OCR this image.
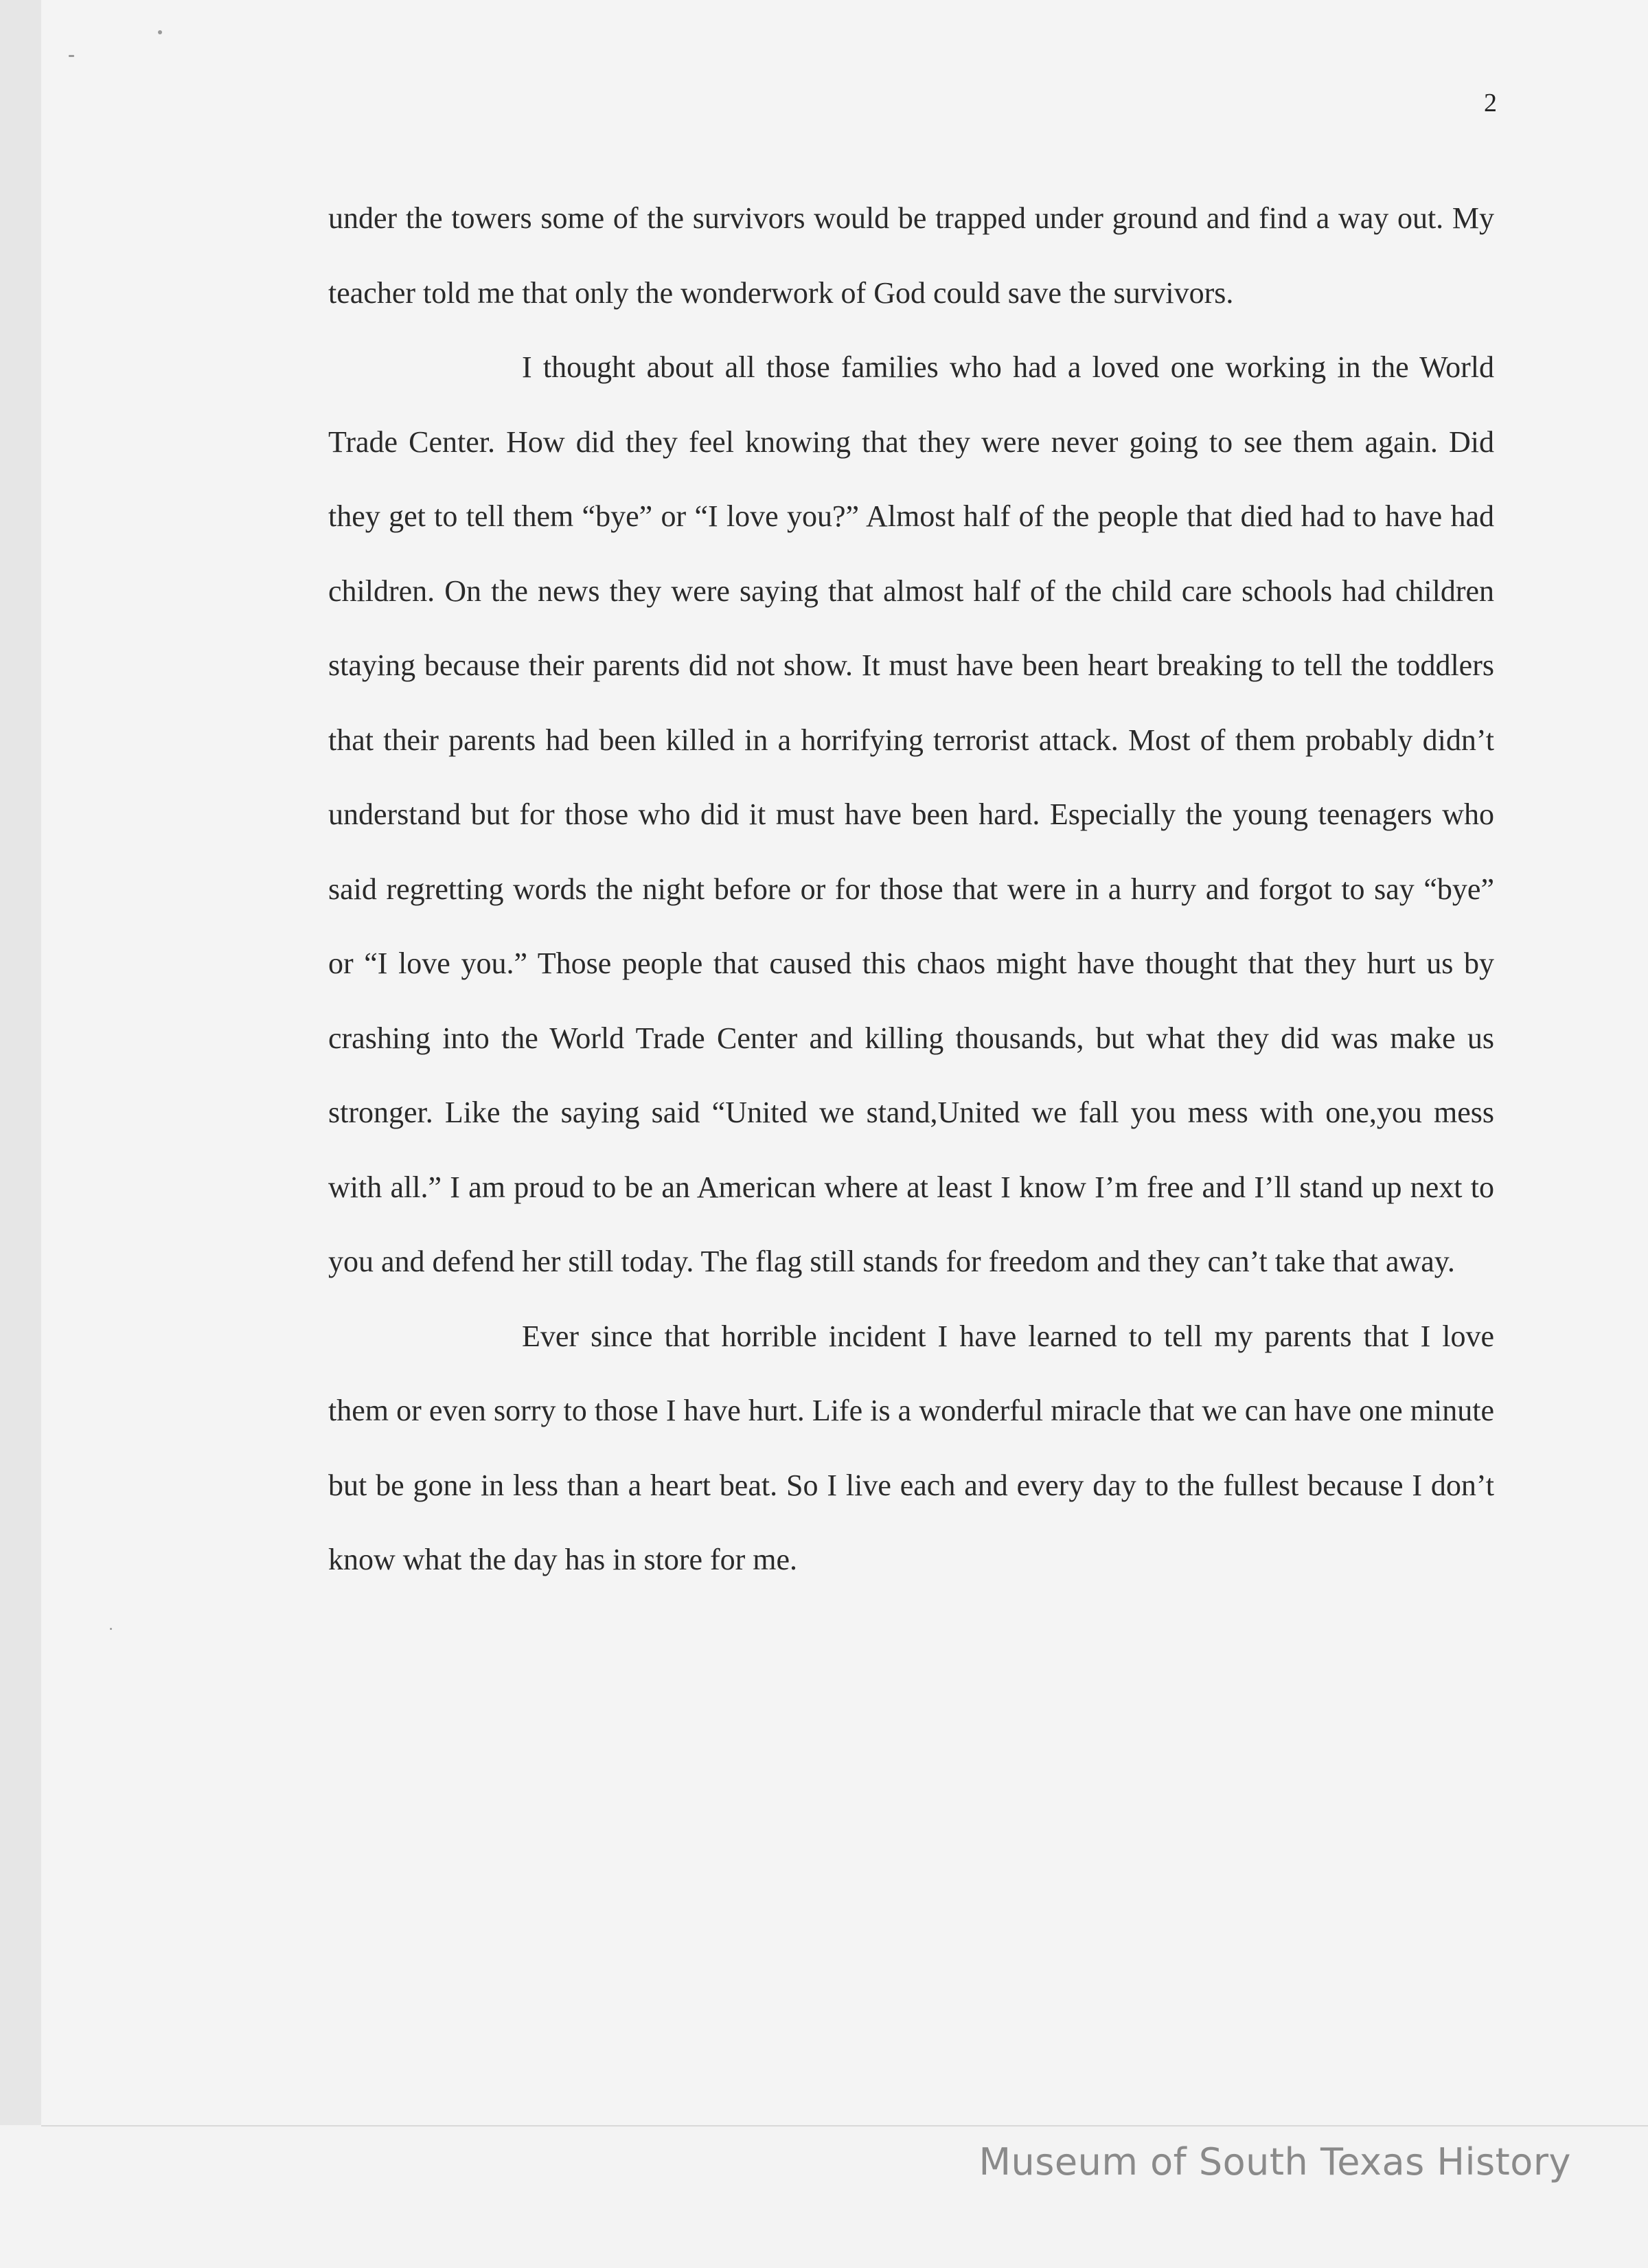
2

under the towers some of the survivors would be trapped under ground and find a way out. My teacher told me that only the wonderwork of God could save the survivors.

I thought about all those families who had a loved one working in the World Trade Center. How did they feel knowing that they were never going to see them again. Did they get to tell them “bye” or “I love you?” Almost half of the people that died had to have had children. On the news they were saying that almost half of the child care schools had children staying because their parents did not show. It must have been heart breaking to tell the toddlers that their parents had been killed in a horrifying terrorist attack. Most of them probably didn’t understand but for those who did it must have been hard. Especially the young teenagers who said regretting words the night before or for those that were in a hurry and forgot to say “bye” or “I love you.” Those people that caused this chaos might have thought that they hurt us by crashing into the World Trade Center and killing thousands, but what they did was make us stronger. Like the saying said “United we stand,United we fall you mess with one,you mess with all.” I am proud to be an American where at least I know I’m free and I’ll stand up next to you and defend her still today. The flag still stands for freedom and they can’t take that away.

Ever since that horrible incident I have learned to tell my parents that I love them or even sorry to those I have hurt. Life is a wonderful miracle that we can have one minute but be gone in less than a heart beat. So I live each and every day to the fullest because I don’t know what the day has in store for me.

Museum of South Texas History
